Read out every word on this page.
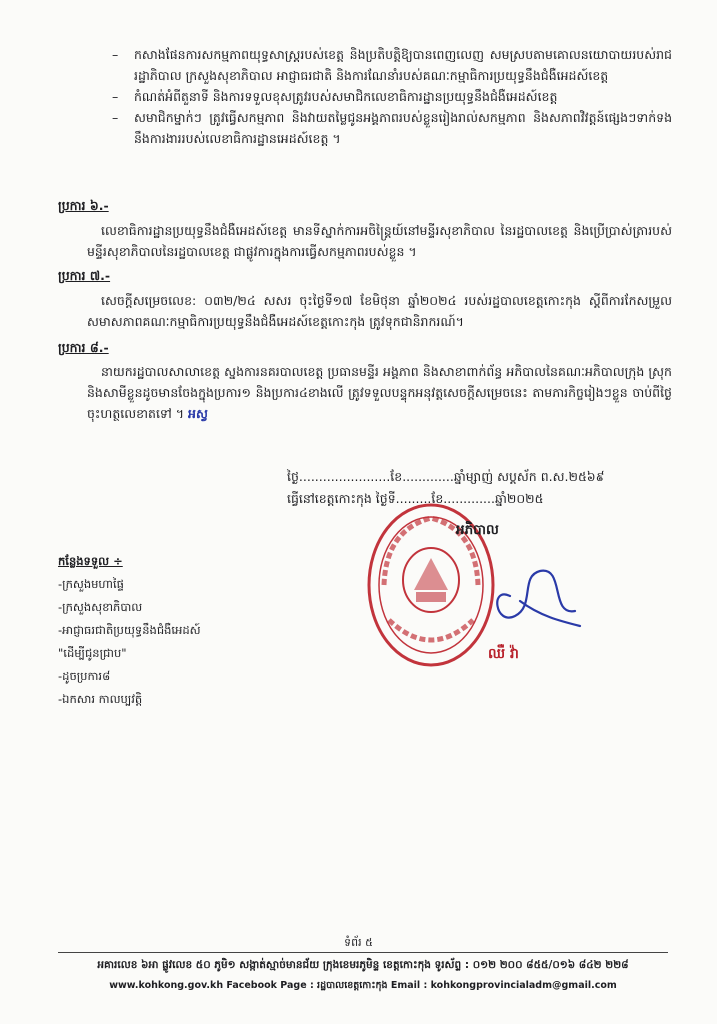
–	កសាងផែនការសកម្មភាពយុទ្ធសាស្ត្ររបស់ខេត្ត និងប្រតិបត្តិឱ្យបានពេញលេញ សមស្របតាមគោលនយោបាយរបស់រាជរដ្ឋាភិបាល ក្រសួងសុខាភិបាល អាជ្ញាធរជាតិ និងការណែនាំរបស់គណៈកម្មាធិការប្រយុទ្ធនឹងជំងឺអេដស៍ខេត្ត
–	កំណត់អំពីតួនាទី និងការទទួលខុសត្រូវរបស់សមាជិកលេខាធិការដ្ឋានប្រយុទ្ធនឹងជំងឺអេដស៍ខេត្ត
–	សមាជិកម្នាក់ៗ ត្រូវធ្វើសកម្មភាព និងវាយតម្លៃជូនអង្គភាពរបស់ខ្លួនរៀងរាល់សកម្មភាព និងសភាពវិវត្តន៍ផ្សេងៗទាក់ទងនឹងការងាររបស់លេខាធិការដ្ឋានអេដស៍ខេត្ត ។
ប្រការ ៦.-
លេខាធិការដ្ឋានប្រយុទ្ធនឹងជំងឺអេដស៍ខេត្ត មានទីស្នាក់ការអចិន្ត្រៃយ៍នៅមន្ទីរសុខាភិបាល នៃរដ្ឋបាលខេត្ត និងប្រើប្រាស់ត្រារបស់មន្ទីរសុខាភិបាលនៃរដ្ឋបាលខេត្ត ជាផ្លូវការក្នុងការធ្វើសកម្មភាពរបស់ខ្លួន ។
ប្រការ ៧.-
សេចក្តីសម្រេចលេខ: ០៣២/២៤ សសរ ចុះថ្ងៃទី១៧ ខែមិថុនា ឆ្នាំ២០២៤ របស់រដ្ឋបាលខេត្តកោះកុង ស្តីពីការកែសម្រួលសមាសភាពគណៈកម្មាធិការប្រយុទ្ធនឹងជំងឺអេដស៍ខេត្តកោះកុង ត្រូវទុកជានិរាករណ៍។
ប្រការ ៨.-
នាយករដ្ឋបាលសាលាខេត្ត ស្នងការនគរបាលខេត្ត ប្រធានមន្ទីរ អង្គភាព និងសាខាពាក់ព័ន្ធ អភិបាលនៃគណៈអភិបាលក្រុង ស្រុក និងសាមីខ្លួនដូចមានចែងក្នុងប្រការ១ និងប្រការ៤ខាងលើ ត្រូវទទួលបន្ទុកអនុវត្តសេចក្តីសម្រេចនេះ តាមភារកិច្ចរៀងៗខ្លួន ចាប់ពីថ្ងៃចុះហត្ថលេខាតទៅ ។ អស្វ
ថ្ងៃ.......................ខែ.............ឆ្នាំម្សាញ់ សប្តស័ក ព.ស.២៥៦៩
ធ្វើនៅខេត្តកោះកុង ថ្ងៃទី.........ខែ.............ឆ្នាំ២០២៥
អភិបាល
ឈឺ វ៉ា
កន្លែងទទួល ÷
-ក្រសួងមហាផ្ទៃ
-ក្រសួងសុខាភិបាល
-អាជ្ញាធរជាតិប្រយុទ្ធនឹងជំងឺអេដស៍
"ដើម្បីជូនជ្រាប"
-ដូចប្រការ៨
-ឯកសារ កាលប្បវត្តិ
ទំព័រ ៥
អគារលេខ ៦អា ផ្លូវលេខ ៥០ ភូមិ១ សង្កាត់ស្មាច់មានជ័យ ក្រុងខេមរភូមិន្ទ ខេត្តកោះកុង ទូរស័ព្ទ : ០១២ ២០០ ៨៥៥/០១៦ ៨៤២ ២២៨
www.kohkong.gov.kh Facebook Page : រដ្ឋបាលខេត្តកោះកុង Email : kohkongprovincialadm@gmail.com
